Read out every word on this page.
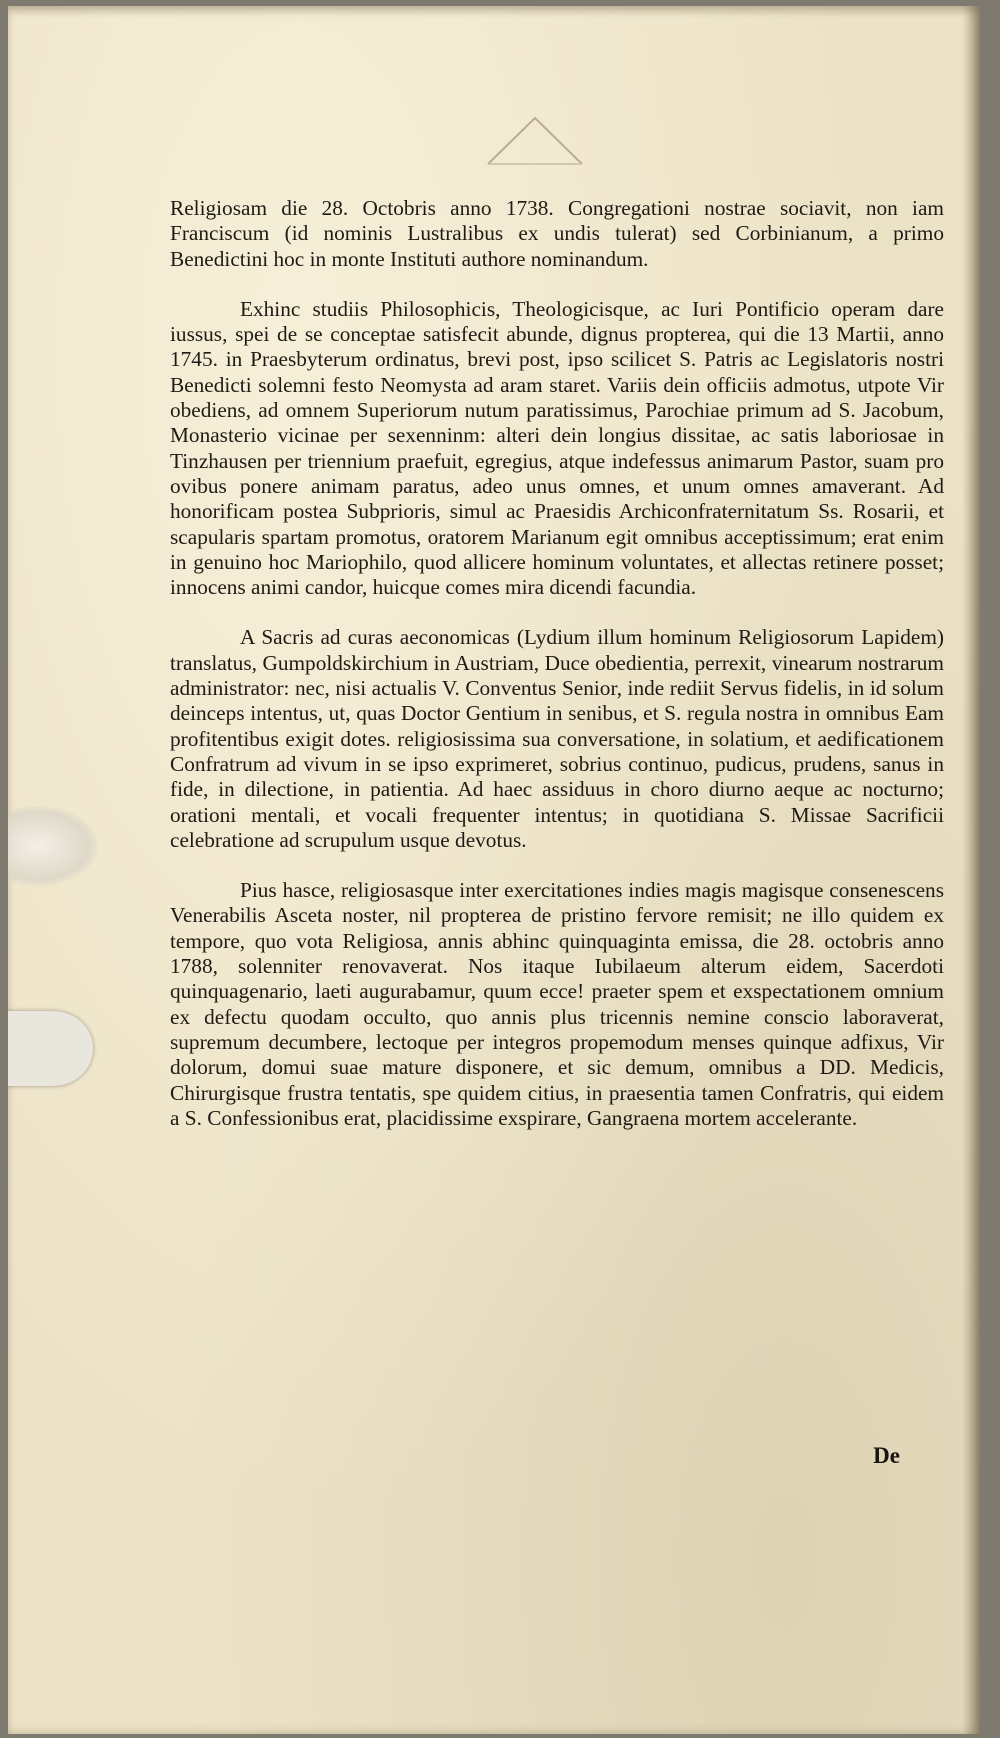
Religiosam die 28. Octobris anno 1738. Congregationi nostrae sociavit, non iam Franciscum (id nominis Lustralibus ex undis tulerat) sed Corbinianum, a primo Benedictini hoc in monte Instituti authore nominandum.

Exhinc studiis Philosophicis, Theologicisque, ac Iuri Pontificio operam dare iussus, spei de se conceptae satisfecit abunde, dignus propterea, qui die 13 Martii, anno 1745. in Praesbyterum ordinatus, brevi post, ipso scilicet S. Patris ac Legislatoris nostri Benedicti solemni festo Neomysta ad aram staret. Variis dein officiis admotus, utpote Vir obediens, ad omnem Superiorum nutum paratissimus, Parochiae primum ad S. Jacobum, Monasterio vicinae per sexenninm: alteri dein longius dissitae, ac satis laboriosae in Tinzhausen per triennium praefuit, egregius, atque indefessus animarum Pastor, suam pro ovibus ponere animam paratus, adeo unus omnes, et unum omnes amaverant. Ad honorificam postea Subprioris, simul ac Praesidis Archiconfraternitatum Ss. Rosarii, et scapularis spartam promotus, oratorem Marianum egit omnibus acceptissimum; erat enim in genuino hoc Mariophilo, quod allicere hominum voluntates, et allectas retinere posset; innocens animi candor, huicque comes mira dicendi facundia.

A Sacris ad curas aeconomicas (Lydium illum hominum Religiosorum Lapidem) translatus, Gumpoldskirchium in Austriam, Duce obedientia, perrexit, vinearum nostrarum administrator: nec, nisi actualis V. Conventus Senior, inde rediit Servus fidelis, in id solum deinceps intentus, ut, quas Doctor Gentium in senibus, et S. regula nostra in omnibus Eam profitentibus exigit dotes. religiosissima sua conversatione, in solatium, et aedificationem Confratrum ad vivum in se ipso exprimeret, sobrius continuo, pudicus, prudens, sanus in fide, in dilectione, in patientia. Ad haec assiduus in choro diurno aeque ac nocturno; orationi mentali, et vocali frequenter intentus; in quotidiana S. Missae Sacrificii celebratione ad scrupulum usque devotus.

Pius hasce, religiosasque inter exercitationes indies magis magisque consenescens Venerabilis Asceta noster, nil propterea de pristino fervore remisit; ne illo quidem ex tempore, quo vota Religiosa, annis abhinc quinquaginta emissa, die 28. octobris anno 1788, solenniter renovaverat. Nos itaque Iubilaeum alterum eidem, Sacerdoti quinquagenario, laeti augurabamur, quum ecce! praeter spem et exspectationem omnium ex defectu quodam occulto, quo annis plus tricennis nemine conscio laboraverat, supremum decumbere, lectoque per integros propemodum menses quinque adfixus, Vir dolorum, domui suae mature disponere, et sic demum, omnibus a DD. Medicis, Chirurgisque frustra tentatis, spe quidem citius, in praesentia tamen Confratris, qui eidem a S. Confessionibus erat, placidissime exspirare, Gangraena mortem accelerante.

De
